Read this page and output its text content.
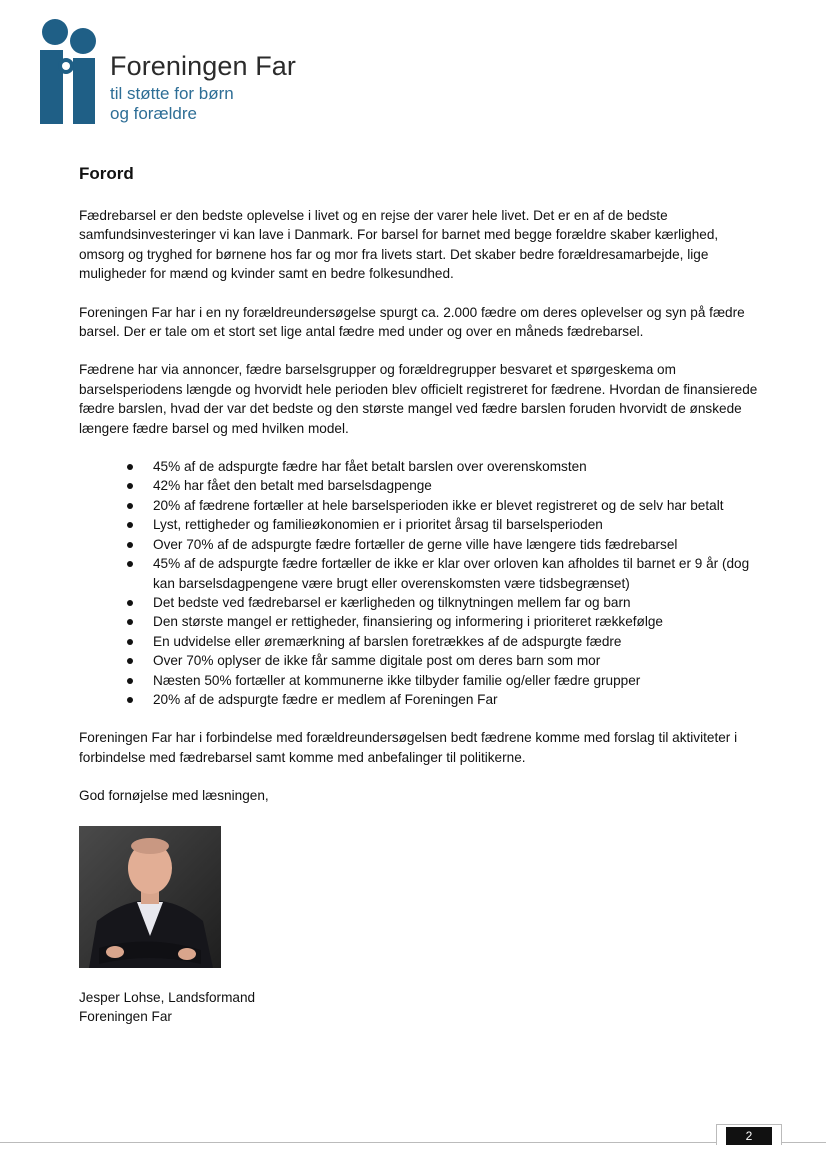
Foreningen Far
til støtte for børn
og forældre
Forord

Fædrebarsel er den bedste oplevelse i livet og en rejse der varer hele livet. Det er en af de bedste samfundsinvesteringer vi kan lave i Danmark. For barsel for barnet med begge forældre skaber kærlighed, omsorg og tryghed for børnene hos far og mor fra livets start. Det skaber bedre forældresamarbejde, lige muligheder for mænd og kvinder samt en bedre folkesundhed.

Foreningen Far har i en ny forældreundersøgelse spurgt ca. 2.000 fædre om deres oplevelser og syn på fædre barsel. Der er tale om et stort set lige antal fædre med under og over en måneds fædrebarsel.

Fædrene har via annoncer, fædre barselsgrupper og forældregrupper besvaret et spørgeskema om barselsperiodens længde og hvorvidt hele perioden blev officielt registreret for fædrene. Hvordan de finansierede fædre barslen, hvad der var det bedste og den største mangel ved fædre barslen foruden hvorvidt de ønskede længere fædre barsel og med hvilken model.

45% af de adspurgte fædre har fået betalt barslen over overenskomsten
42% har fået den betalt med barselsdagpenge
20% af fædrene fortæller at hele barselsperioden ikke er blevet registreret og de selv har betalt
Lyst, rettigheder og familieøkonomien er i prioritet årsag til barselsperioden
Over 70% af de adspurgte fædre fortæller de gerne ville have længere tids fædrebarsel
45% af de adspurgte fædre fortæller de ikke er klar over orloven kan afholdes til barnet er 9 år (dog kan barselsdagpengene være brugt eller overenskomsten være tidsbegrænset)
Det bedste ved fædrebarsel er kærligheden og tilknytningen mellem far og barn
Den største mangel er rettigheder, finansiering og informering i prioriteret rækkefølge
En udvidelse eller øremærkning af barslen foretrækkes af de adspurgte fædre
Over 70% oplyser de ikke får samme digitale post om deres barn som mor
Næsten 50% fortæller at kommunerne ikke tilbyder familie og/eller fædre grupper
20% af de adspurgte fædre er medlem af Foreningen Far

Foreningen Far har i forbindelse med forældreundersøgelsen bedt fædrene komme med forslag til aktiviteter i forbindelse med fædrebarsel samt komme med anbefalinger til politikerne.

God fornøjelse med læsningen,

Jesper Lohse, Landsformand
Foreningen Far
2
